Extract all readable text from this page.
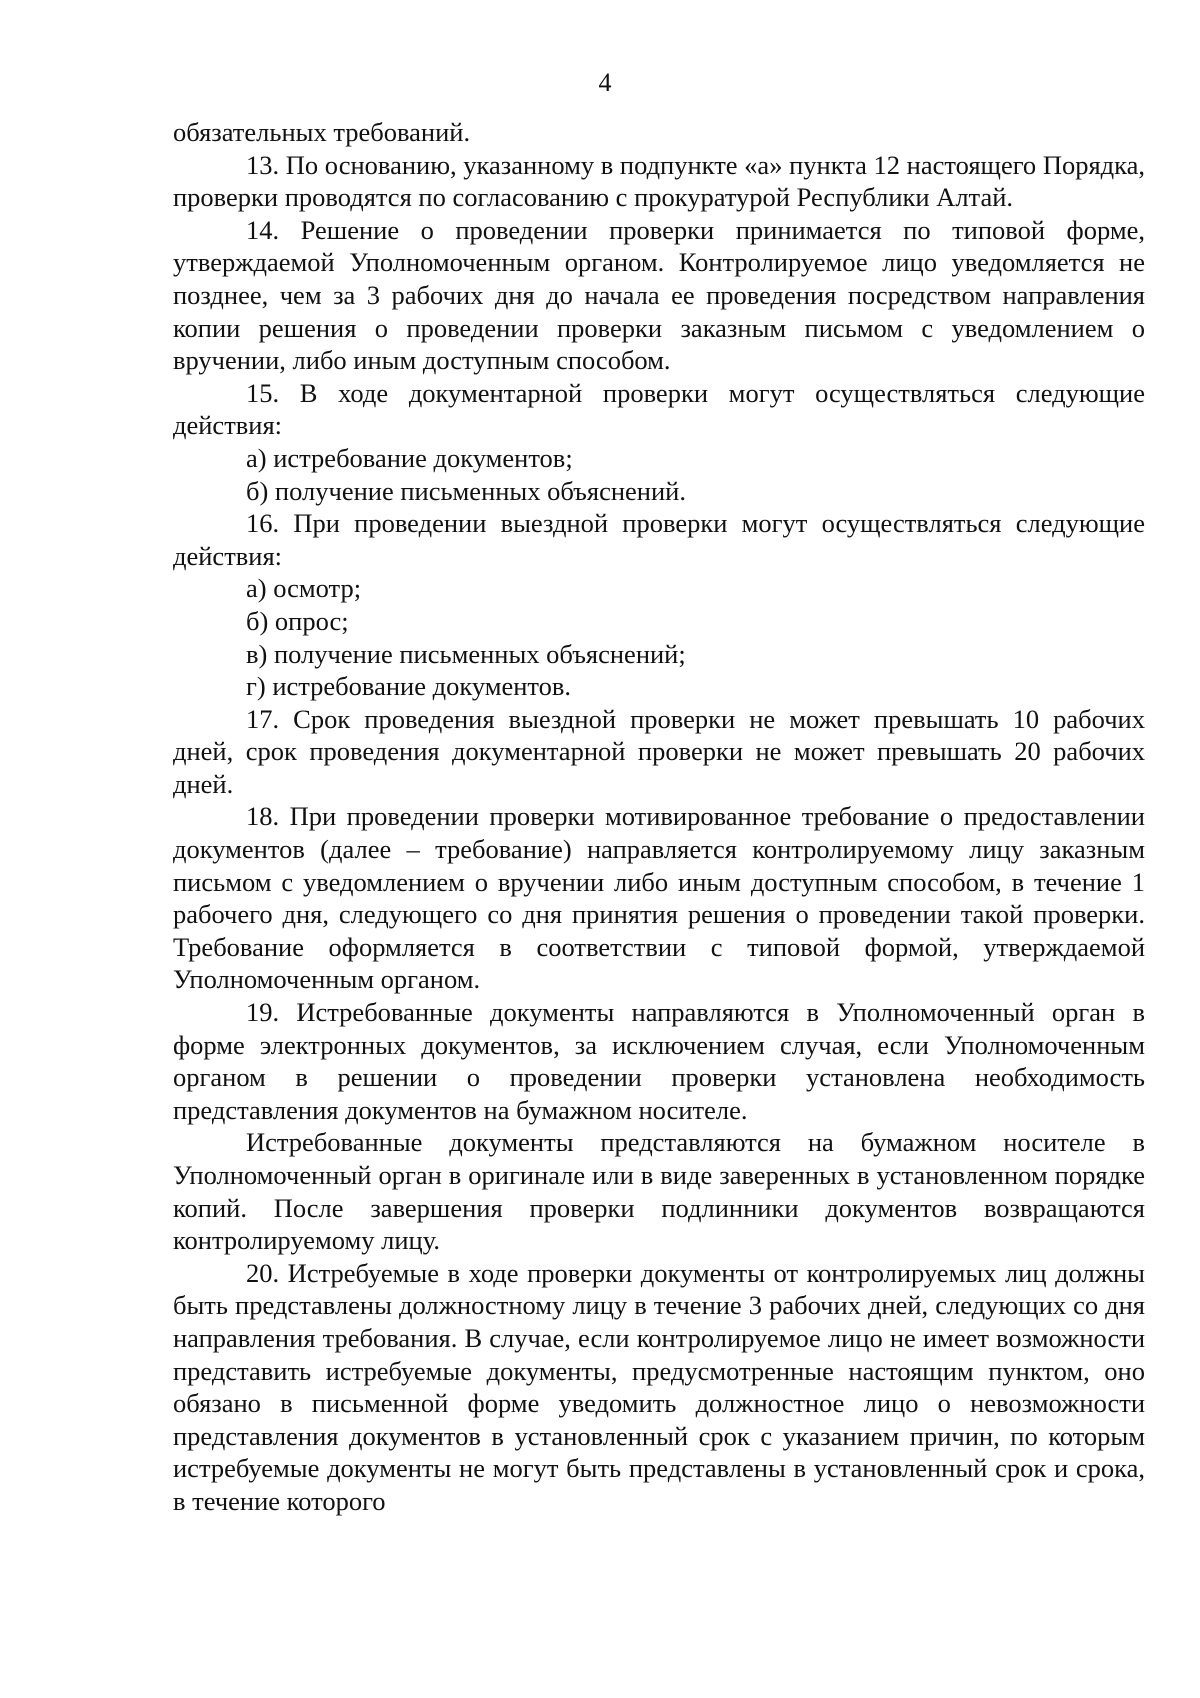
4

обязательных требований.

13. По основанию, указанному в подпункте «а» пункта 12 настоящего Порядка, проверки проводятся по согласованию с прокуратурой Республики Алтай.

14. Решение о проведении проверки принимается по типовой форме, утверждаемой Уполномоченным органом. Контролируемое лицо уведомляется не позднее, чем за 3 рабочих дня до начала ее проведения посредством направления копии решения о проведении проверки заказным письмом с уведомлением о вручении, либо иным доступным способом.

15. В ходе документарной проверки могут осуществляться следующие действия:

а) истребование документов;

б) получение письменных объяснений.

16. При проведении выездной проверки могут осуществляться следующие действия:

а) осмотр;

б) опрос;

в) получение письменных объяснений;

г) истребование документов.

17. Срок проведения выездной проверки не может превышать 10 рабочих дней, срок проведения документарной проверки не может превышать 20 рабочих дней.

18. При проведении проверки мотивированное требование о предоставлении документов (далее – требование) направляется контролируемому лицу заказным письмом с уведомлением о вручении либо иным доступным способом, в течение 1 рабочего дня, следующего со дня принятия решения о проведении такой проверки. Требование оформляется в соответствии с типовой формой, утверждаемой Уполномоченным органом.

19. Истребованные документы направляются в Уполномоченный орган в форме электронных документов, за исключением случая, если Уполномоченным органом в решении о проведении проверки установлена необходимость представления документов на бумажном носителе.

Истребованные документы представляются на бумажном носителе в Уполномоченный орган в оригинале или в виде заверенных в установленном порядке копий. После завершения проверки подлинники документов возвращаются контролируемому лицу.

20. Истребуемые в ходе проверки документы от контролируемых лиц должны быть представлены должностному лицу в течение 3 рабочих дней, следующих со дня направления требования. В случае, если контролируемое лицо не имеет возможности представить истребуемые документы, предусмотренные настоящим пунктом, оно обязано в письменной форме уведомить должностное лицо о невозможности представления документов в установленный срок с указанием причин, по которым истребуемые документы не могут быть представлены в установленный срок и срока, в течение которого
